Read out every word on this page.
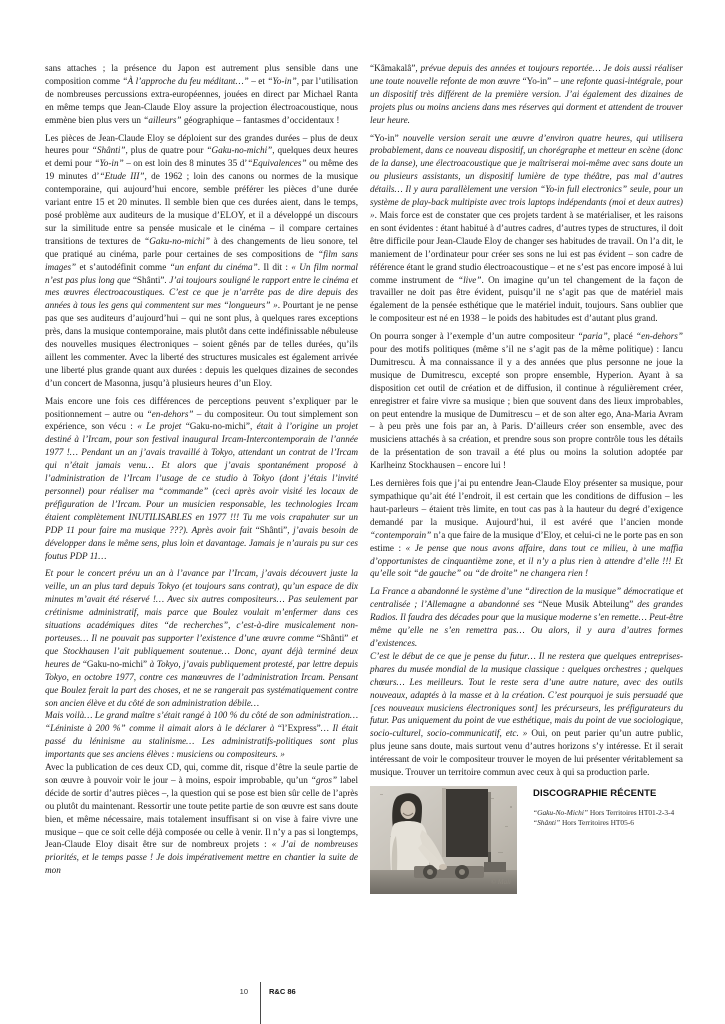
sans attaches ; la présence du Japon est autrement plus sensible dans une composition comme “À l’approche du feu méditant…” – et “Yo-in”, par l’utilisation de nombreuses percussions extra-européennes, jouées en direct par Michael Ranta en même temps que Jean-Claude Eloy assure la projection électroacoustique, nous emmène bien plus vers un “ailleurs” géographique – fantasmes d’occidentaux !

Les pièces de Jean-Claude Eloy se déploient sur des grandes durées – plus de deux heures pour “Shânti”, plus de quatre pour “Gaku-no-michi”, quelques deux heures et demi pour “Yo-in” – on est loin des 8 minutes 35 d’“Equivalences” ou même des 19 minutes d’“Etude III”, de 1962 ; loin des canons ou normes de la musique contemporaine, qui aujourd’hui encore, semble préférer les pièces d’une durée variant entre 15 et 20 minutes. Il semble bien que ces durées aient, dans le temps, posé problème aux auditeurs de la musique d’ELOY, et il a développé un discours sur la similitude entre sa pensée musicale et le cinéma – il compare certaines transitions de textures de “Gaku-no-michi” à des changements de lieu sonore, tel que pratiqué au cinéma, parle pour certaines de ses compositions de “film sans images” et s’autodéfinit comme “un enfant du cinéma”. Il dit : « Un film normal n’est pas plus long que “Shânti”. J’ai toujours souligné le rapport entre le cinéma et mes œuvres électroacoustiques. C’est ce que je n’arrête pas de dire depuis des années à tous les gens qui commentent sur mes “longueurs” ». Pourtant je ne pense pas que ses auditeurs d’aujourd’hui – qui ne sont plus, à quelques rares exceptions près, dans la musique contemporaine, mais plutôt dans cette indéfinissable nébuleuse des nouvelles musiques électroniques – soient gênés par de telles durées, qu’ils aillent les commenter. Avec la liberté des structures musicales est également arrivée une liberté plus grande quant aux durées : depuis les quelques dizaines de secondes d’un concert de Masonna, jusqu’à plusieurs heures d’un Eloy.

Mais encore une fois ces différences de perceptions peuvent s’expliquer par le positionnement – autre ou “en-dehors” – du compositeur. Ou tout simplement son expérience, son vécu : « Le projet “Gaku-no-michi”, était à l’origine un projet destiné à l’Ircam, pour son festival inaugural Ircam-Intercontemporain de l’année 1977 !… Pendant un an j’avais travaillé à Tokyo, attendant un contrat de l’Ircam qui n’était jamais venu… Et alors que j’avais spontanément proposé à l’administration de l’Ircam l’usage de ce studio à Tokyo (dont j’étais l’invité personnel) pour réaliser ma “commande” (ceci après avoir visité les locaux de préfiguration de l’Ircam. Pour un musicien responsable, les technologies Ircam étaient complètement INUTILISABLES en 1977 !!! Tu me vois crapahuter sur un PDP 11 pour faire ma musique ???). Après avoir fait “Shânti”, j’avais besoin de développer dans le même sens, plus loin et davantage. Jamais je n’aurais pu sur ces foutus PDP 11…

Et pour le concert prévu un an à l’avance par l’Ircam, j’avais découvert juste la veille, un an plus tard depuis Tokyo (et toujours sans contrat), qu’un espace de dix minutes m’avait été réservé !… Avec six autres compositeurs… Pas seulement par crétinisme administratif, mais parce que Boulez voulait m’enfermer dans ces situations académiques dites “de recherches”, c’est-à-dire musicalement non-porteuses… Il ne pouvait pas supporter l’existence d’une œuvre comme “Shânti” et que Stockhausen l’ait publiquement soutenue… Donc, ayant déjà terminé deux heures de “Gaku-no-michi” à Tokyo, j’avais publiquement protesté, par lettre depuis Tokyo, en octobre 1977, contre ces manœuvres de l’administration Ircam. Pensant que Boulez ferait la part des choses, et ne se rangerait pas systématiquement contre son ancien élève et du côté de son administration débile…

Mais voilà… Le grand maître s’était rangé à 100 % du côté de son administration… “Léniniste à 200 %” comme il aimait alors à le déclarer à “l’Express”… Il était passé du léninisme au stalinisme… Les administratifs-politiques sont plus importants que ses anciens élèves : musiciens ou compositeurs. »

Avec la publication de ces deux CD, qui, comme dit, risque d’être la seule partie de son œuvre à pouvoir voir le jour – à moins, espoir improbable, qu’un “gros” label décide de sortir d’autres pièces –, la question qui se pose est bien sûr celle de l’après ou plutôt du maintenant. Ressortir une toute petite partie de son œuvre est sans doute bien, et même nécessaire, mais totalement insuffisant si on vise à faire vivre une musique – que ce soit celle déjà composée ou celle à venir. Il n’y a pas si longtemps, Jean-Claude Eloy disait être sur de nombreux projets : « J’ai de nombreuses priorités, et le temps passe ! Je dois impérativement mettre en chantier la suite de mon

“Kâmakalâ”, prévue depuis des années et toujours reportée… Je dois aussi réaliser une toute nouvelle refonte de mon œuvre “Yo-in” – une refonte quasi-intégrale, pour un dispositif très différent de la première version. J’ai également des dizaines de projets plus ou moins anciens dans mes réserves qui dorment et attendent de trouver leur heure.

“Yo-in” nouvelle version serait une œuvre d’environ quatre heures, qui utilisera probablement, dans ce nouveau dispositif, un chorégraphe et metteur en scène (donc de la danse), une électroacoustique que je maîtriserai moi-même avec sans doute un ou plusieurs assistants, un dispositif lumière de type théâtre, pas mal d’autres détails… Il y aura parallèlement une version “Yo-in full electronics” seule, pour un système de play-back multipiste avec trois laptops indépendants (moi et deux autres) ». Mais force est de constater que ces projets tardent à se matérialiser, et les raisons en sont évidentes : étant habitué à d’autres cadres, d’autres types de structures, il doit être difficile pour Jean-Claude Eloy de changer ses habitudes de travail. On l’a dit, le maniement de l’ordinateur pour créer ses sons ne lui est pas évident – son cadre de référence étant le grand studio électroacoustique – et ne s’est pas encore imposé à lui comme instrument de “live”. On imagine qu’un tel changement de la façon de travailler ne doit pas être évident, puisqu’il ne s’agit pas que de matériel mais également de la pensée esthétique que le matériel induit, toujours. Sans oublier que le compositeur est né en 1938 – le poids des habitudes est d’autant plus grand.

On pourra songer à l’exemple d’un autre compositeur “paria”, placé “en-dehors” pour des motifs politiques (même s’il ne s’agit pas de la même politique) : Iancu Dumitrescu. À ma connaissance il y a des années que plus personne ne joue la musique de Dumitrescu, excepté son propre ensemble, Hyperion. Ayant à sa disposition cet outil de création et de diffusion, il continue à régulièrement créer, enregistrer et faire vivre sa musique ; bien que souvent dans des lieux improbables, on peut entendre la musique de Dumitrescu – et de son alter ego, Ana-Maria Avram – à peu près une fois par an, à Paris. D’ailleurs créer son ensemble, avec des musiciens attachés à sa création, et prendre sous son propre contrôle tous les détails de la présentation de son travail a été plus ou moins la solution adoptée par Karlheinz Stockhausen – encore lui !

Les dernières fois que j’ai pu entendre Jean-Claude Eloy présenter sa musique, pour sympathique qu’ait été l’endroit, il est certain que les conditions de diffusion – les haut-parleurs – étaient très limite, en tout cas pas à la hauteur du degré d’exigence demandé par la musique. Aujourd’hui, il est avéré que l’ancien monde “contemporain” n’a que faire de la musique d’Eloy, et celui-ci ne le porte pas en son estime : « Je pense que nous avons affaire, dans tout ce milieu, à une maffia d’opportunistes de cinquantième zone, et il n’y a plus rien à attendre d’elle !!! Et qu’elle soit “de gauche” ou “de droite” ne changera rien !

La France a abandonné le système d’une “direction de la musique” démocratique et centralisée ; l’Allemagne a abandonné ses “Neue Musik Abteilung” des grandes Radios. Il faudra des décades pour que la musique moderne s’en remette… Peut-être même qu’elle ne s’en remettra pas… Ou alors, il y aura d’autres formes d’existences.

C’est le début de ce que je pense du futur… Il ne restera que quelques entreprises-phares du musée mondial de la musique classique : quelques orchestres ; quelques chœurs… Les meilleurs. Tout le reste sera d’une autre nature, avec des outils nouveaux, adaptés à la masse et à la création. C’est pourquoi je suis persuadé que [ces nouveaux musiciens électroniques sont] les précurseurs, les préfigurateurs du futur. Pas uniquement du point de vue esthétique, mais du point de vue sociologique, socio-culturel, socio-communicatif, etc. » Oui, on peut parier qu’un autre public, plus jeune sans doute, mais surtout venu d’autres horizons s’y intéresse. Et il serait intéressant de voir le compositeur trouver le moyen de lui présenter véritablement sa musique. Trouver un territoire commun avec ceux à qui sa production parle.

© Mali
DISCOGRAPHIE RÉCENTE
“Gaku-No-Michi” Hors Territoires HT01-2-3-4
“Shânti” Hors Territoires HT05-6
10	R&C 86
